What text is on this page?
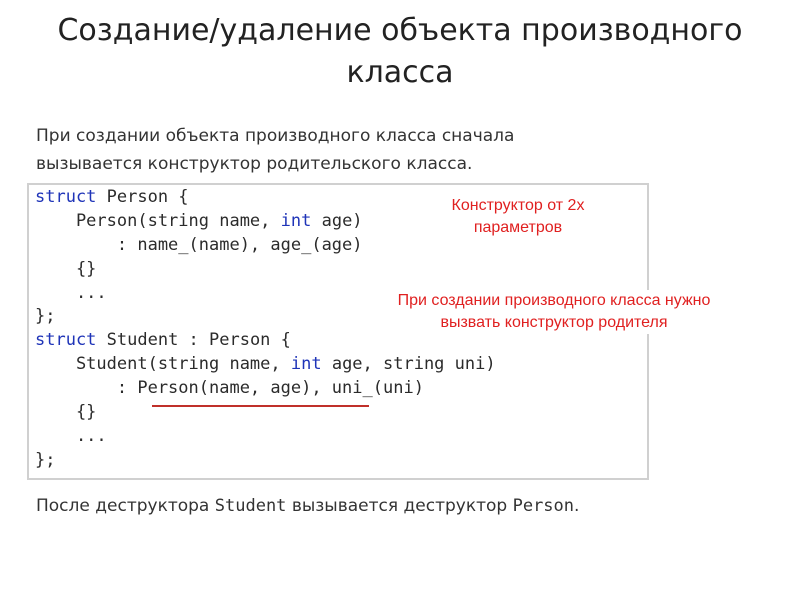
Создание/удаление объекта производного
класса
При создании объекта производного класса сначала
вызывается конструктор родительского класса.
struct Person {
Person(string name, int age)
: name_(name), age_(age)
{}
...
};
struct Student : Person {
Student(string name, int age, string uni)
: Person(name, age), uni_(uni)
{}
...
};
Конструктор от 2х
параметров
При создании производного класса нужно
вызвать конструктор родителя
После деструктора Student вызывается деструктор Person.
